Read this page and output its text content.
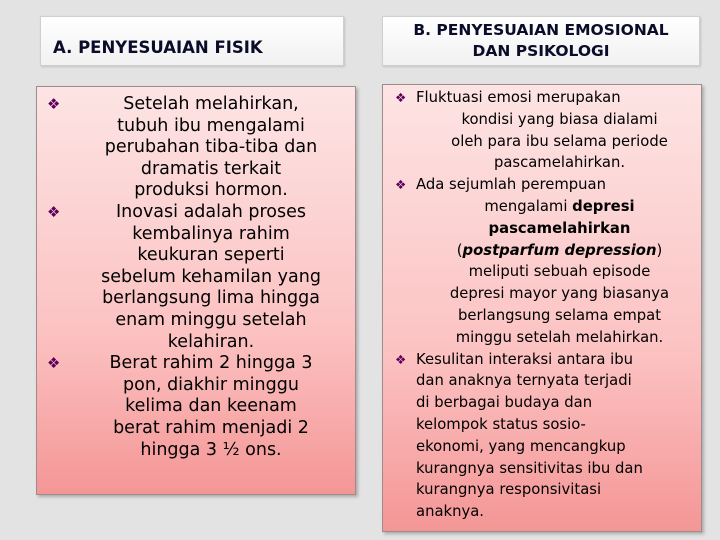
A. PENYESUAIAN FISIK
B. PENYESUAIAN EMOSIONAL
DAN PSIKOLOGI
❖	Setelah melahirkan,
tubuh ibu mengalami
perubahan tiba-tiba dan
dramatis terkait
produksi hormon.
❖	Inovasi adalah proses
kembalinya rahim
keukuran seperti
sebelum kehamilan yang
berlangsung lima hingga
enam minggu setelah
kelahiran.
❖	Berat rahim 2 hingga 3
pon, diakhir minggu
kelima dan keenam
berat rahim menjadi 2
hingga 3 ½ ons.
❖ Fluktuasi emosi merupakan
kondisi yang biasa dialami
oleh para ibu selama periode
pascamelahirkan.
❖ Ada sejumlah perempuan
mengalami depresi
pascamelahirkan
(postparfum depression)
meliputi sebuah episode
depresi mayor yang biasanya
berlangsung selama empat
minggu setelah melahirkan.
❖ Kesulitan interaksi antara ibu
dan anaknya ternyata terjadi
di berbagai budaya dan
kelompok status sosio-
ekonomi, yang mencangkup
kurangnya sensitivitas ibu dan
kurangnya responsivitasi
anaknya.
